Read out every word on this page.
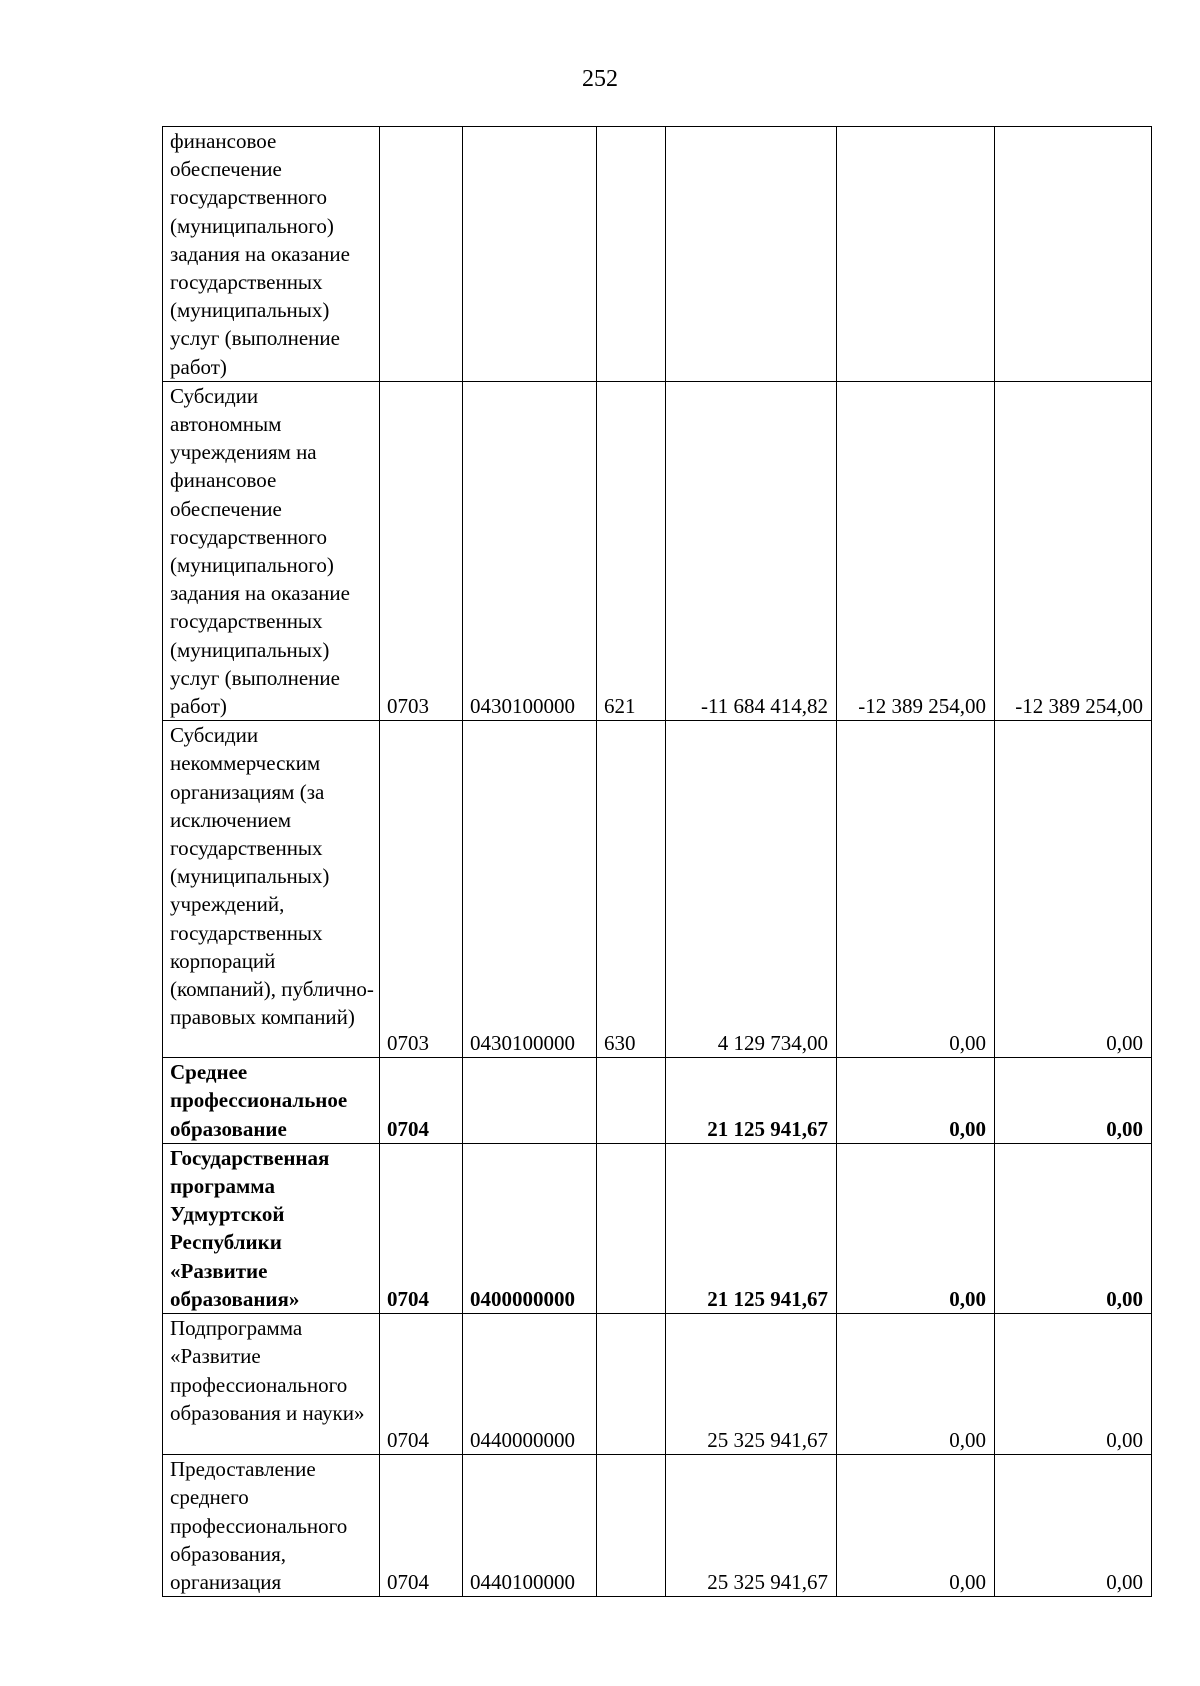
252
финансовое обеспечение государственного (муниципального) задания на оказание государственных (муниципальных) услуг (выполнение работ)						
Субсидии автономным учреждениям на финансовое обеспечение государственного (муниципального) задания на оказание государственных (муниципальных) услуг (выполнение работ)	0703	0430100000	621	-11 684 414,82	-12 389 254,00	-12 389 254,00
Субсидии некоммерческим организациям (за исключением государственных (муниципальных) учреждений, государственных корпораций (компаний), публично-правовых компаний)	0703	0430100000	630	4 129 734,00	0,00	0,00
Среднее профессиональное образование	0704			21 125 941,67	0,00	0,00
Государственная программа Удмуртской Республики «Развитие образования»	0704	0400000000		21 125 941,67	0,00	0,00
Подпрограмма «Развитие профессионального образования и науки»	0704	0440000000		25 325 941,67	0,00	0,00
Предоставление среднего профессионального образования, организация	0704	0440100000		25 325 941,67	0,00	0,00
